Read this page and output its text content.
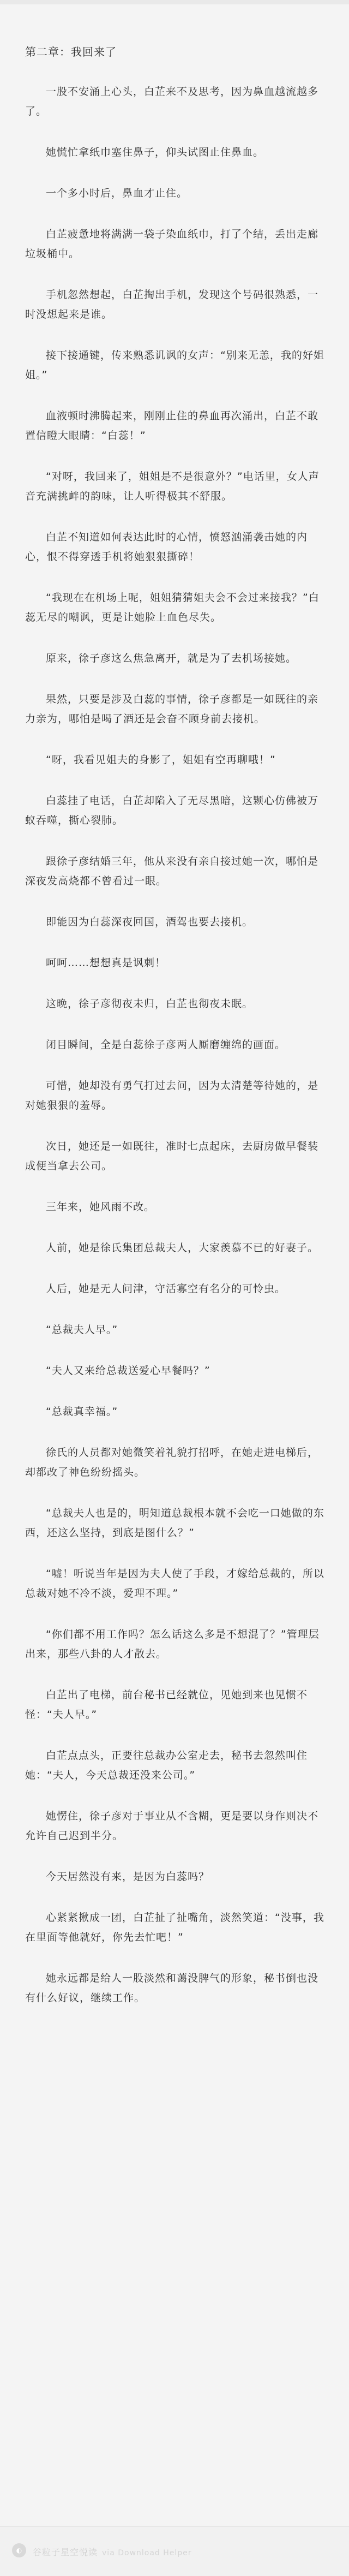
第二章：我回来了

一股不安涌上心头，白芷来不及思考，因为鼻血越流越多了。

她慌忙拿纸巾塞住鼻子，仰头试图止住鼻血。

一个多小时后，鼻血才止住。

白芷疲惫地将满满一袋子染血纸巾，打了个结，丢出走廊垃圾桶中。

手机忽然想起，白芷掏出手机，发现这个号码很熟悉，一时没想起来是谁。

接下接通键，传来熟悉讥讽的女声：“别来无恙，我的好姐姐。”

血液顿时沸腾起来，刚刚止住的鼻血再次涌出，白芷不敢置信瞪大眼睛：“白蕊！”

“对呀，我回来了，姐姐是不是很意外？”电话里，女人声音充满挑衅的韵味，让人听得极其不舒服。

白芷不知道如何表达此时的心情，愤怒汹涌袭击她的内心，恨不得穿透手机将她狠狠撕碎！

“我现在在机场上呢，姐姐猜猜姐夫会不会过来接我？”白蕊无尽的嘲讽，更是让她脸上血色尽失。

原来，徐子彦这么焦急离开，就是为了去机场接她。

果然，只要是涉及白蕊的事情，徐子彦都是一如既往的亲力亲为，哪怕是喝了酒还是会奋不顾身前去接机。

“呀，我看见姐夫的身影了，姐姐有空再聊哦！”

白蕊挂了电话，白芷却陷入了无尽黑暗，这颗心仿佛被万蚁吞噬，撕心裂肺。

跟徐子彦结婚三年，他从来没有亲自接过她一次，哪怕是深夜发高烧都不曾看过一眼。

即能因为白蕊深夜回国，酒驾也要去接机。

呵呵……想想真是讽刺！

这晚，徐子彦彻夜未归，白芷也彻夜未眠。

闭目瞬间，全是白蕊徐子彦两人厮磨缠绵的画面。

可惜，她却没有勇气打过去问，因为太清楚等待她的，是对她狠狠的羞辱。

次日，她还是一如既往，准时七点起床，去厨房做早餐装成便当拿去公司。

三年来，她风雨不改。

人前，她是徐氏集团总裁夫人，大家羡慕不已的好妻子。

人后，她是无人问津，守活寡空有名分的可怜虫。

“总裁夫人早。”

“夫人又来给总裁送爱心早餐吗？”

“总裁真幸福。”

徐氏的人员都对她微笑着礼貌打招呼，在她走进电梯后，却都改了神色纷纷摇头。

“总裁夫人也是的，明知道总裁根本就不会吃一口她做的东西，还这么坚持，到底是图什么？”

“嘘！听说当年是因为夫人使了手段，才嫁给总裁的，所以总裁对她不冷不淡，爱理不理。”

“你们都不用工作吗？怎么话这么多是不想混了？”管理层出来，那些八卦的人才散去。

白芷出了电梯，前台秘书已经就位，见她到来也见惯不怪：“夫人早。”

白芷点点头，正要往总裁办公室走去，秘书去忽然叫住她：“夫人，今天总裁还没来公司。”

她愣住，徐子彦对于事业从不含糊，更是要以身作则决不允许自己迟到半分。

今天居然没有来，是因为白蕊吗？

心紧紧揪成一团，白芷扯了扯嘴角，淡然笑道：“没事，我在里面等他就好，你先去忙吧！”

她永远都是给人一股淡然和蔼没脾气的形象，秘书倒也没有什么好议，继续工作。

◐	谷粒子星空悦读 via Download Helper
